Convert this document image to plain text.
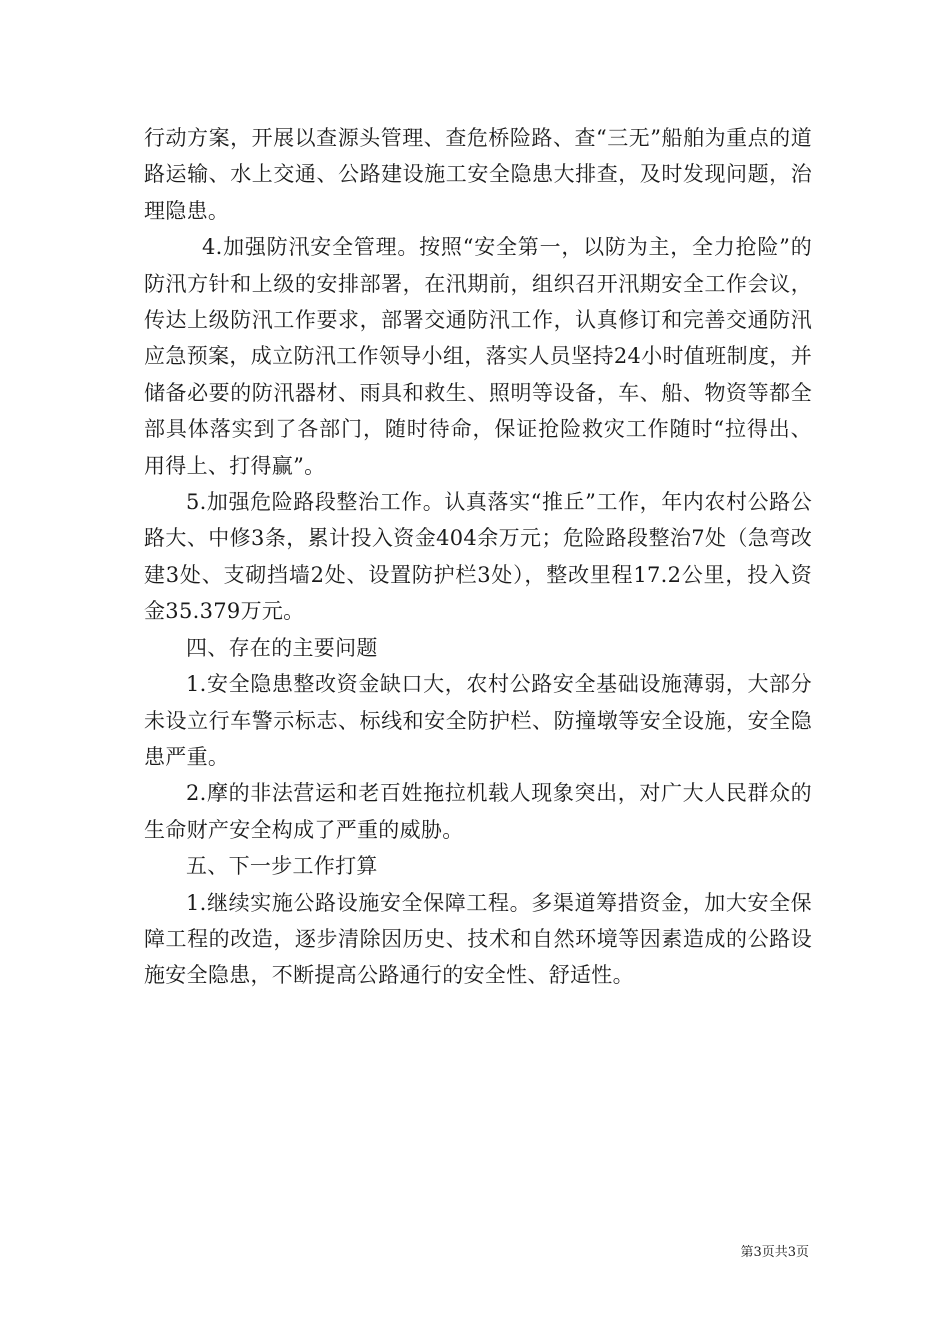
行动方案，开展以查源头管理、查危桥险路、查“三无”船舶为重点的道路运输、水上交通、公路建设施工安全隐患大排查，及时发现问题，治理隐患。

4.加强防汛安全管理。按照“安全第一，以防为主，全力抢险”的防汛方针和上级的安排部署，在汛期前，组织召开汛期安全工作会议，传达上级防汛工作要求，部署交通防汛工作，认真修订和完善交通防汛应急预案，成立防汛工作领导小组，落实人员坚持24小时值班制度，并储备必要的防汛器材、雨具和救生、照明等设备，车、船、物资等都全部具体落实到了各部门，随时待命，保证抢险救灾工作随时“拉得出、用得上、打得赢”。

5.加强危险路段整治工作。认真落实“推丘”工作，年内农村公路公路大、中修3条，累计投入资金404余万元；危险路段整治7处（急弯改建3处、支砌挡墙2处、设置防护栏3处），整改里程17.2公里，投入资金35.379万元。

四、存在的主要问题

1.安全隐患整改资金缺口大，农村公路安全基础设施薄弱，大部分未设立行车警示标志、标线和安全防护栏、防撞墩等安全设施，安全隐患严重。

2.摩的非法营运和老百姓拖拉机载人现象突出，对广大人民群众的生命财产安全构成了严重的威胁。

五、下一步工作打算

1.继续实施公路设施安全保障工程。多渠道筹措资金，加大安全保障工程的改造，逐步清除因历史、技术和自然环境等因素造成的公路设施安全隐患，不断提高公路通行的安全性、舒适性。

第3页共3页
